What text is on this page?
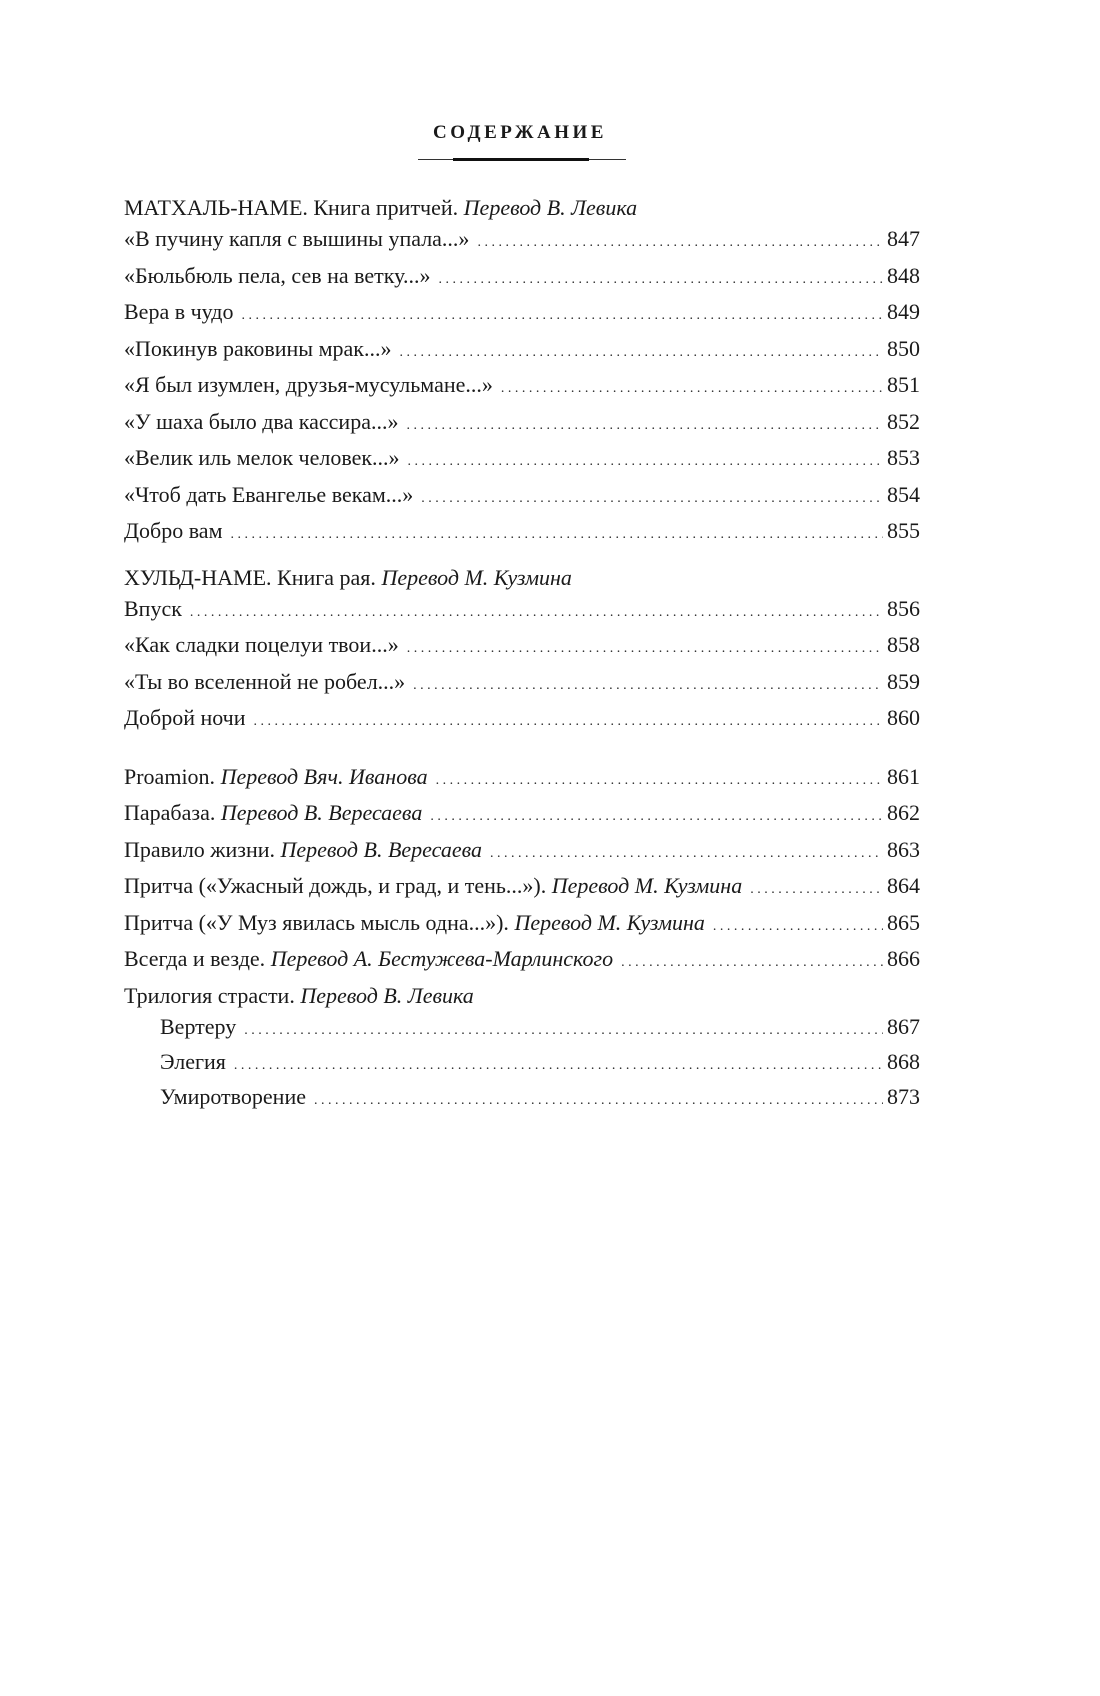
СОДЕРЖАНИЕ
МАТХАЛЬ-НАМЕ. Книга притчей. Перевод В. Левика
«В пучину капля с вышины упала...» . . .	847
«Бюльбюль пела, сев на ветку...» . . .	848
Вера в чудо . . .	849
«Покинув раковины мрак...» . . .	850
«Я был изумлен, друзья-мусульмане...» . . .	851
«У шаха было два кассира...» . . .	852
«Велик иль мелок человек...» . . .	853
«Чтоб дать Евангелье векам...» . . .	854
Добро вам . . .	855
ХУЛЬД-НАМЕ. Книга рая. Перевод М. Кузмина
Впуск . . .	856
«Как сладки поцелуи твои...» . . .	858
«Ты во вселенной не робел...» . . .	859
Доброй ночи . . .	860
Proamion. Перевод Вяч. Иванова . . .	861
Парабаза. Перевод В. Вересаева . . .	862
Правило жизни. Перевод В. Вересаева . . .	863
Притча («Ужасный дождь, и град, и тень...»). Перевод М. Кузмина . . .	864
Притча («У Муз явилась мысль одна...»). Перевод М. Кузмина . . .	865
Всегда и везде. Перевод А. Бестужева-Марлинского . . .	866
Трилогия страсти. Перевод В. Левика
Вертеру . . .	867
Элегия . . .	868
Умиротворение . . .	873
